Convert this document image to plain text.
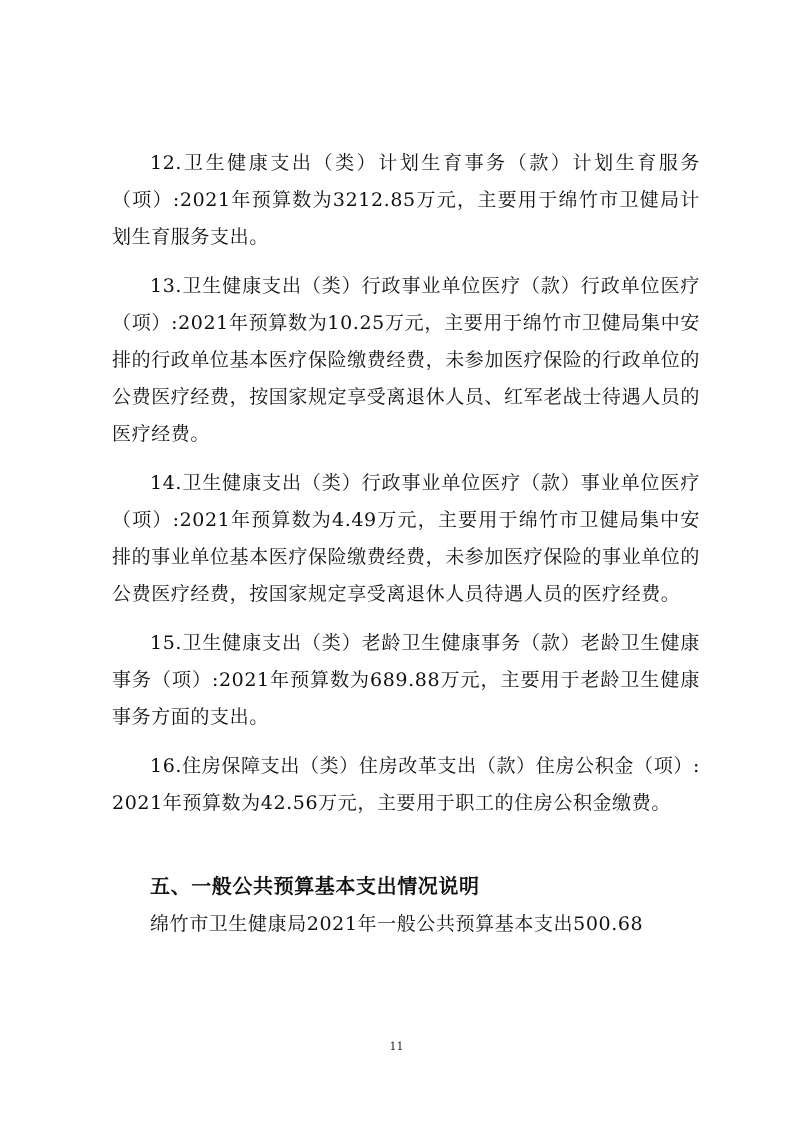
12.卫生健康支出（类）计划生育事务（款）计划生育服务（项）:2021年预算数为3212.85万元，主要用于绵竹市卫健局计划生育服务支出。

13.卫生健康支出（类）行政事业单位医疗（款）行政单位医疗（项）:2021年预算数为10.25万元，主要用于绵竹市卫健局集中安排的行政单位基本医疗保险缴费经费，未参加医疗保险的行政单位的公费医疗经费，按国家规定享受离退休人员、红军老战士待遇人员的医疗经费。

14.卫生健康支出（类）行政事业单位医疗（款）事业单位医疗（项）:2021年预算数为4.49万元，主要用于绵竹市卫健局集中安排的事业单位基本医疗保险缴费经费，未参加医疗保险的事业单位的公费医疗经费，按国家规定享受离退休人员待遇人员的医疗经费。

15.卫生健康支出（类）老龄卫生健康事务（款）老龄卫生健康事务（项）:2021年预算数为689.88万元，主要用于老龄卫生健康事务方面的支出。

16.住房保障支出（类）住房改革支出（款）住房公积金（项）:2021年预算数为42.56万元，主要用于职工的住房公积金缴费。

五、一般公共预算基本支出情况说明

绵竹市卫生健康局2021年一般公共预算基本支出500.68

11
